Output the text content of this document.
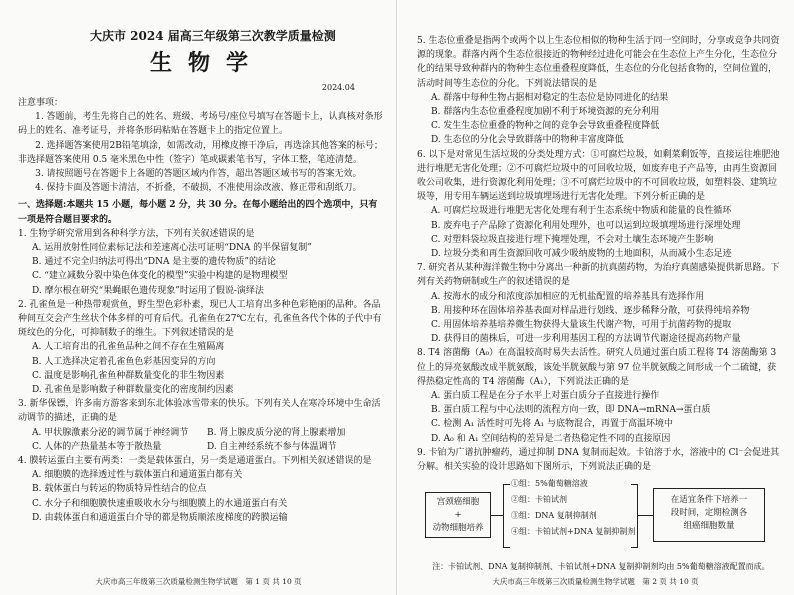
大庆市 2024 届高三年级第三次教学质量检测
生物学
2024.04
注意事项：
1. 答题前，考生先将自己的姓名、班级、考场号/座位号填写在答题卡上，认真核对条形码上的姓名、准考证号，并将条形码粘贴在答题卡上的指定位置上。
2. 选择题答案使用2B铅笔填涂，如需改动，用橡皮擦干净后，再选涂其他答案的标号；非选择题答案使用 0.5 毫米黑色中性（签字）笔或碳素笔书写，字体工整，笔迹清楚。
3. 请按照题号在答题卡上各题的答题区域内作答，超出答题区域书写的答案无效。
4. 保持卡面及答题卡清洁，不折叠，不破损，不准使用涂改液、修正带和刮纸刀。
一、选择题:本题共 15 小题，每小题 2 分，共 30 分。在每小题给出的四个选项中，只有一项是符合题目要求的。
1. 生物学研究常用到各种科学方法，下列有关叙述错误的是
A. 运用放射性同位素标记法和差速离心法可证明“DNA 的半保留复制”
B. 通过不完全归纳法可得出“DNA 是主要的遗传物质”的结论
C. “建立减数分裂中染色体变化的模型”实验中构建的是物理模型
D. 摩尔根在研究“果蝇眼色遗传现象”时运用了假说-演绎法
2. 孔雀鱼是一种热带观赏鱼，野生型色彩朴素，现已人工培育出多种色彩艳丽的品种。各品种间互交会产生丝状个体多样的可育后代。孔雀鱼在27℃左右，孔雀鱼各代个体的子代中有斑纹色的分化，可抑制数子的维生。下列叙述错误的是
A. 人工培育出的孔雀鱼品种之间不存在生殖隔离
B. 人工选择决定着孔雀鱼色彩基因变异的方向
C. 温度是影响孔雀鱼种群数量变化的非生物因素
D. 孔雀鱼是影响数子种群数量变化的密度制约因素
3. 新华保镖，许多南方游客来到东北体验冰雪带来的快乐。下列有关人在寒冷环境中生命活动调节的描述，正确的是
A. 甲状腺激素分泌的调节属于神经调节	B. 肾上腺皮质分泌的肾上腺素增加
C. 人体的产热量基本等于散热量	D. 自主神经系统不参与体温调节
4. 膜转运蛋白主要有两类：一类是载体蛋白，另一类是通道蛋白。下列相关叙述错误的是
A. 细胞膜的选择透过性与载体蛋白和通道蛋白都有关
B. 载体蛋白与转运的物质特异性结合的位点
C. 水分子和细胞膜快速重吸收水分与细胞膜上的水通道蛋白有关
D. 由载体蛋白和通道蛋白介导的都是物质顺浓度梯度的跨膜运输
大庆市高三年级第三次质量检测生物学试题　第 1 页 共 10 页
5. 生态位重叠是指两个或两个以上生态位相似的物种生活于同一空间时，分享或竞争共同资源的现象。群落内两个生态位很接近的物种经过进化可能会在生态位上产生分化，生态位分化的结果导致种群内的物种生态位重叠程度降低，生态位的分化包括食物的，空间位置的，活动时间等生态位的分化。下列说法错误的是
A. 群落中每种生物占据相对稳定的生态位是协同进化的结果
B. 群落内生态位重叠程度加剧不利于环境资源的充分利用
C. 发生生态位重叠的物种之间的竞争会导致重叠程度降低
D. 生态位的分化会导致群落中的物种丰富度降低
6. 以下是对常见生活垃圾的分类处理方式：①可腐烂垃圾，如剩菜剩饭等，直接运往堆肥池进行堆肥无害化处理；②不可腐烂垃圾中的可回收垃圾，如废弃电子产品等，由再生资源回收公司收集，进行资源化利用处理；③不可腐烂垃圾中的不可回收垃圾，如塑料袋、建筑垃圾等，用专用车辆运送到垃圾填埋场进行无害化处理。下列分析正确的是
A. 可腐烂垃圾进行堆肥无害化处理有利于生态系统中物质和能量的良性循环
B. 废弃电子产品除了资源化利用处理外，也可以运到垃圾填埋场进行深埋处理
C. 对塑料袋垃圾直接进行埋下掩埋处理，不会对土壤生态环境产生影响
D. 垃圾分类和再生资源回收可减少吸纳废物的土地面积，从而减小生态足迹
7. 研究者从某种海洋微生物中分离出一种新的抗真菌药物，为治疗真菌感染提供新思路。下列有关药物研制或生产的叙述错误的是
A. 按海水的成分和浓度添加相应的无机盐配置的培养基具有选择作用
B. 用接种环在固体培养基表面对样品进行划线、逐步稀释分散，可获得纯培养物
C. 用固体培养基培养微生物获得大量该生代谢产物，可用于抗菌药物的提取
D. 获得目的菌株后，可进一步利用基因工程的方法调节代谢途径提高药物产量
8. T4 溶菌酶（A₀）在高温较高时易失去活性。研究人员通过蛋白质工程将 T4 溶菌酶第 3 位上的异亮氨酸改成半胱氨酸，该处半胱氨酸与第 97 位半胱氨酸之间形成一个二硫键，获得热稳定性高的 T4 溶菌酶（A₁），下列说法正确的是
A. 蛋白质工程是在分子水平上对蛋白质分子直接进行操作
B. 蛋白质工程与中心法则的流程方向一致，即 DNA→mRNA→蛋白质
C. 检测 A₁ 活性时可先将 A₁ 与底物混合，再置于高温环境中
D. A₀ 和 A₁ 空间结构的差异是二者热稳定性不同的直接原因
9. 卡铂为广谱抗肿瘤药，通过抑制 DNA 复制而起效。卡铂溶于水，溶液中的 Cl⁻会促进其分解。相关实验的设计思路如下图所示，下列说法正确的是
宫颈癌细胞
+
动物细胞培养
①组：5%葡萄糖溶液
②组：卡铂试剂
③组：DNA 复制抑制剂
④组：卡铂试剂+DNA 复制抑制剂
在适宜条件下培养一
段时间，定期检测各
组癌细胞数量
注：卡铂试剂、DNA 复制抑制剂、卡铂试剂+DNA 复制抑制剂均由 5%葡萄糖溶液配置而成。
大庆市高三年级第三次质量检测生物学试题　第 2 页 共 10 页
